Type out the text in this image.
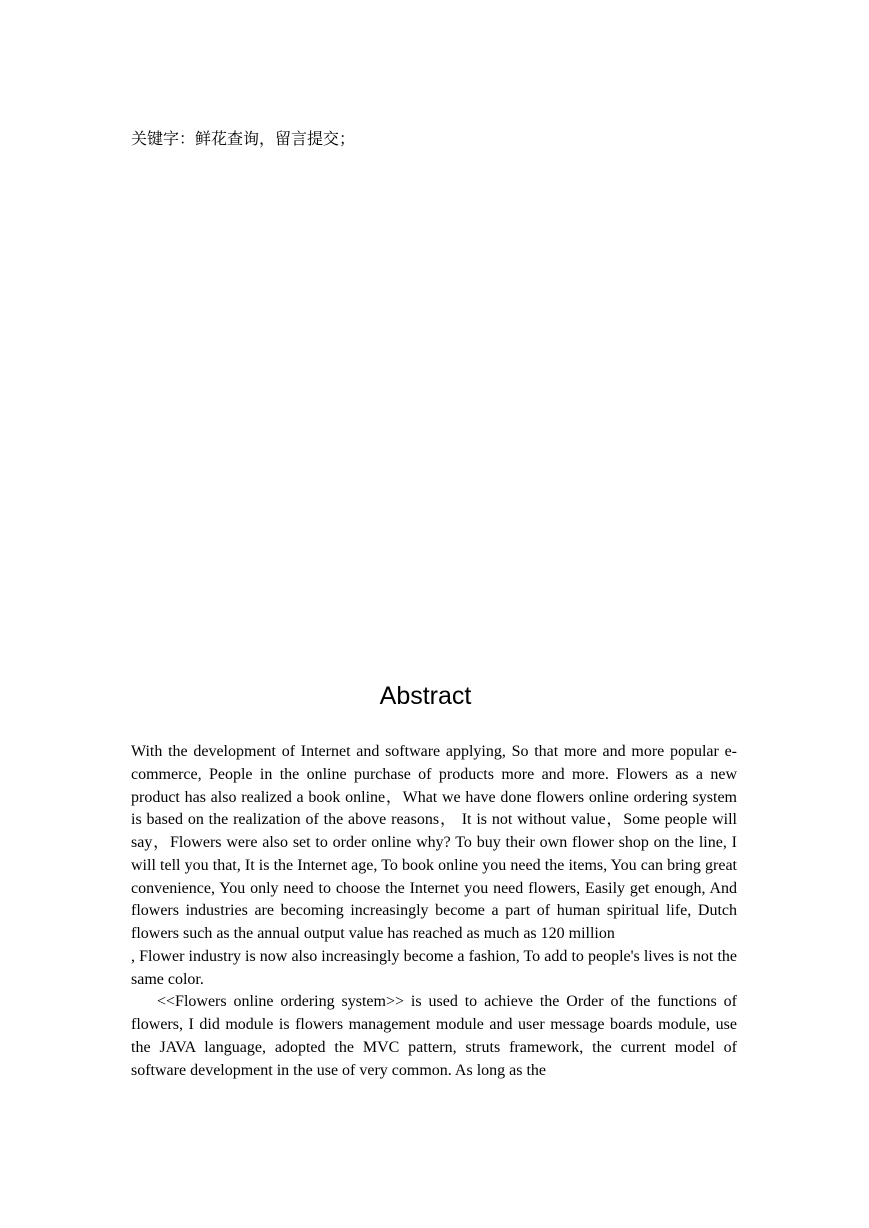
关键字：鲜花查询，留言提交；
Abstract

With the development of Internet and software applying, So that more and more popular e-commerce, People in the online purchase of products more and more. Flowers as a new product has also realized a book online，What we have done flowers online ordering system is based on the realization of the above reasons， It is not without value，Some people will say，Flowers were also set to order online why? To buy their own flower shop on the line, I will tell you that, It is the Internet age, To book online you need the items, You can bring great convenience, You only need to choose the Internet you need flowers, Easily get enough, And flowers industries are becoming increasingly become a part of human spiritual life, Dutch flowers such as the annual output value has reached as much as 120 million

, Flower industry is now also increasingly become a fashion, To add to people's lives is not the same color.

<<Flowers online ordering system>> is used to achieve the Order of the functions of flowers, I did module is flowers management module and user message boards module, use the JAVA language, adopted the MVC pattern, struts framework, the current model of software development in the use of very common. As long as the
